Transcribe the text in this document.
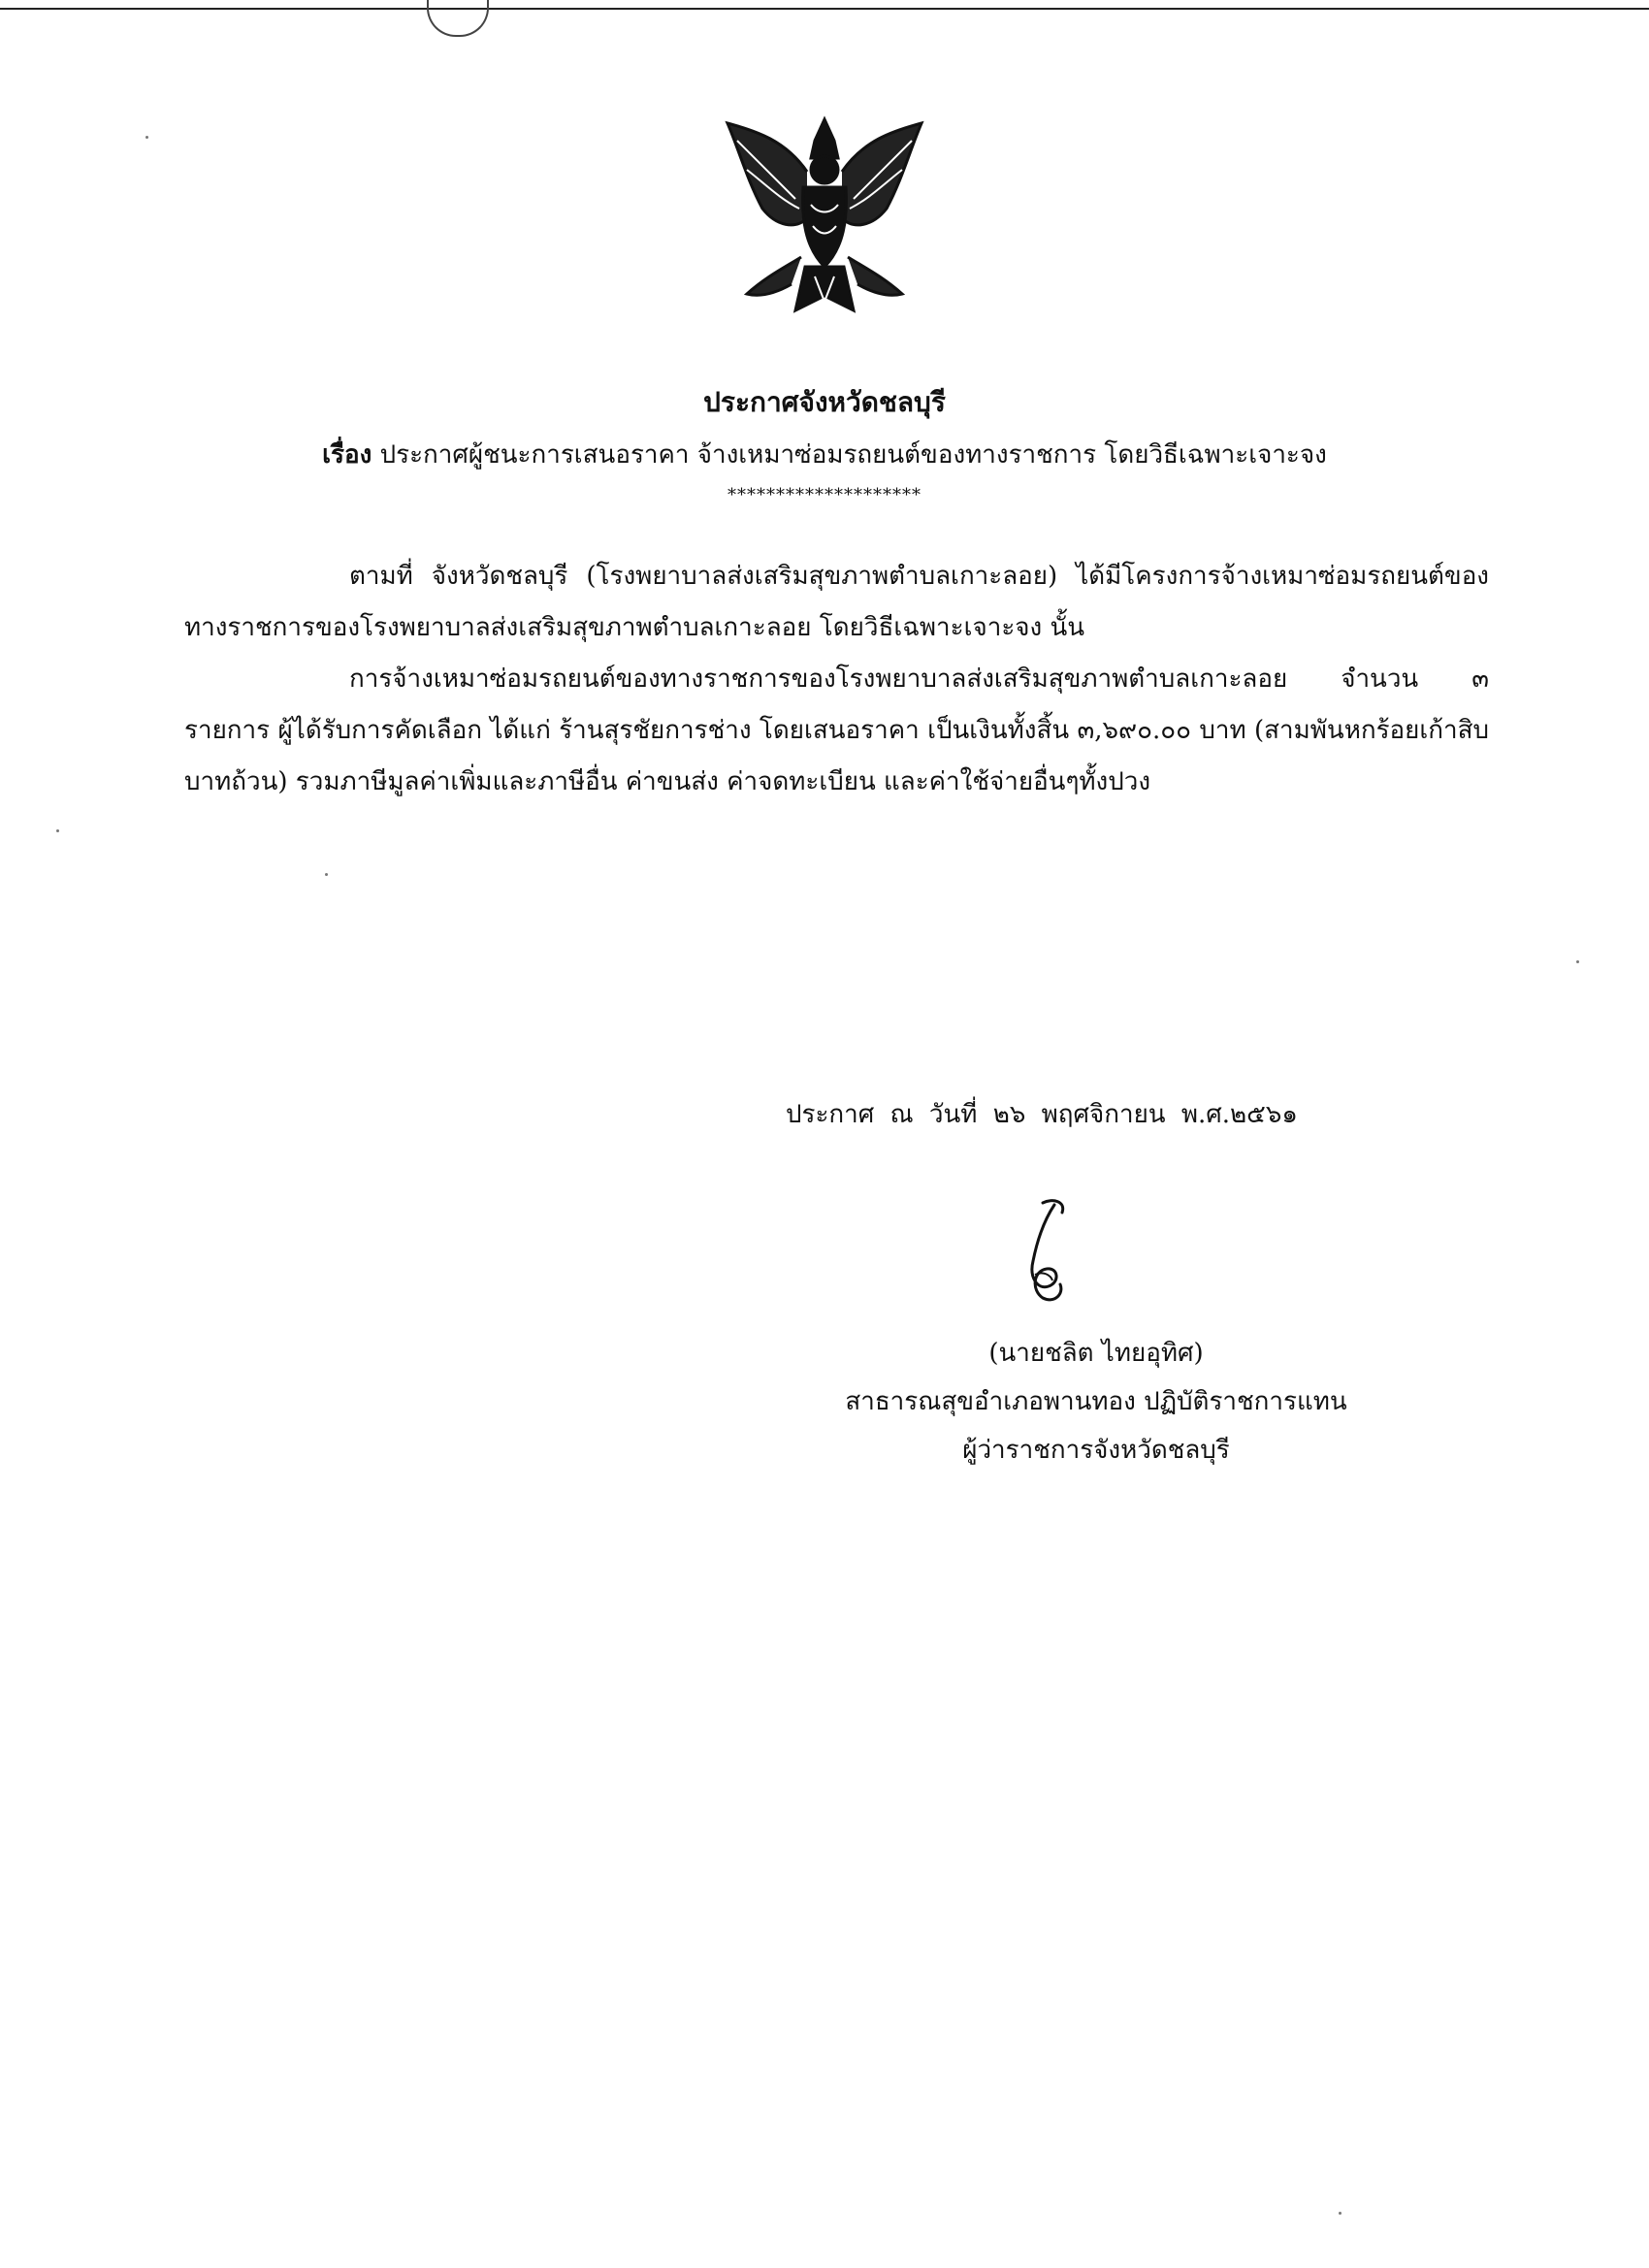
ประกาศจังหวัดชลบุรี
เรื่อง ประกาศผู้ชนะการเสนอราคา จ้างเหมาซ่อมรถยนต์ของทางราชการ โดยวิธีเฉพาะเจาะจง
********************

ตามที่ จังหวัดชลบุรี (โรงพยาบาลส่งเสริมสุขภาพตำบลเกาะลอย) ได้มีโครงการจ้างเหมาซ่อมรถยนต์ของทางราชการของโรงพยาบาลส่งเสริมสุขภาพตำบลเกาะลอย โดยวิธีเฉพาะเจาะจง นั้น

การจ้างเหมาซ่อมรถยนต์ของทางราชการของโรงพยาบาลส่งเสริมสุขภาพตำบลเกาะลอย จำนวน ๓ รายการ ผู้ได้รับการคัดเลือก ได้แก่ ร้านสุรชัยการช่าง โดยเสนอราคา เป็นเงินทั้งสิ้น ๓,๖๙๐.๐๐ บาท (สามพันหกร้อยเก้าสิบบาทถ้วน) รวมภาษีมูลค่าเพิ่มและภาษีอื่น ค่าขนส่ง ค่าจดทะเบียน และค่าใช้จ่ายอื่นๆทั้งปวง

ประกาศ ณ วันที่ ๒๖ พฤศจิกายน พ.ศ.๒๕๖๑
(นายชลิต ไทยอุทิศ)
สาธารณสุขอำเภอพานทอง ปฏิบัติราชการแทน
ผู้ว่าราชการจังหวัดชลบุรี
